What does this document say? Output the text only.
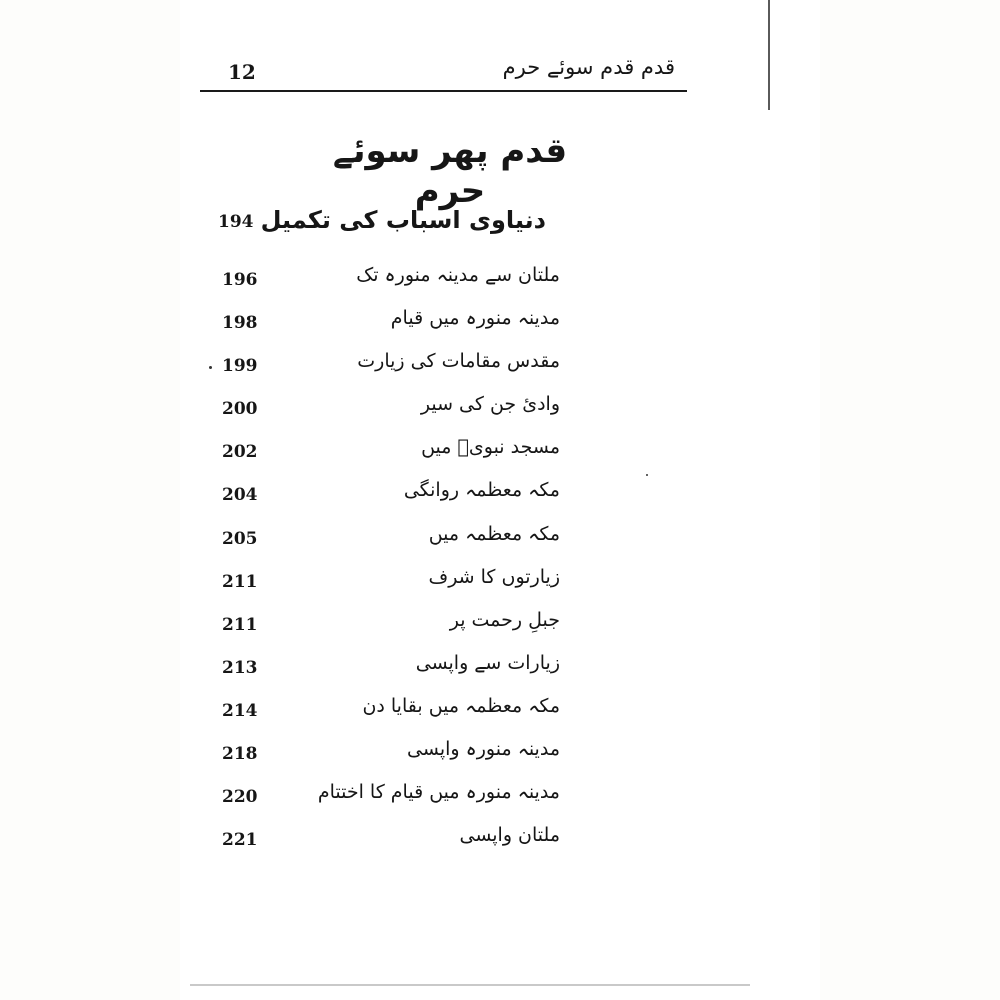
12	قدم قدم سوئے حرم
قدم پھر سوئے حرم
دنیاوی اسباب کی تکمیل
194
ملتان سے مدینہ منورہ تک
196
مدینہ منورہ میں قیام
198
مقدس مقامات کی زیارت
199
وادئ جن کی سیر
200
مسجد نبویؐ میں
202
مکہ معظمہ روانگی
204
مکہ معظمہ میں
205
زیارتوں کا شرف
211
جبلِ رحمت پر
211
زیارات سے واپسی
213
مکہ معظمہ میں بقایا دن
214
مدینہ منورہ واپسی
218
مدینہ منورہ میں قیام کا اختتام
220
ملتان واپسی
221
